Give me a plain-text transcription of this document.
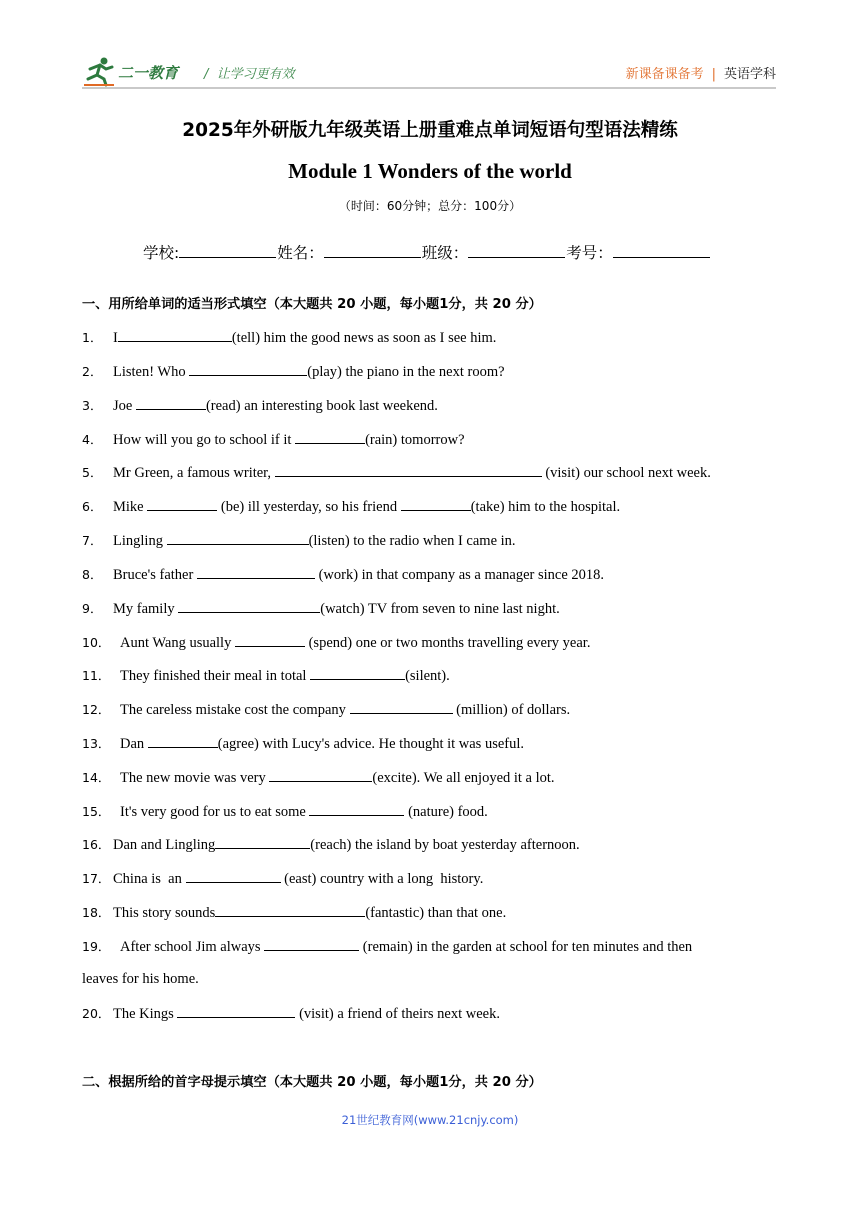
二一教育 /  让学习更有效	新课备课备考 | 英语学科
2025年外研版九年级英语上册重难点单词短语句型语法精练
Module 1 Wonders of the world
（时间：60分钟；总分：100分）
学校:	姓名：	班级：	考号：
一、用所给单词的适当形式填空（本大题共 20 小题，每小题1分，共 20 分）
1． I	(tell) him the good news as soon as I see him.
2． Listen! Who	(play) the piano in the next room?
3． Joe	(read) an interesting book last weekend.
4． How will you go to school if it	(rain) tomorrow?
5． Mr Green, a famous writer,	(visit) our school next week.
6． Mike	(be) ill yesterday, so his friend	(take) him to the hospital.
7． Lingling	(listen) to the radio when I came in.
8． Bruce's father	(work) in that company as a manager since 2018.
9． My family	(watch) TV from seven to nine last night.
10． Aunt Wang usually	(spend) one or two months travelling every year.
11． They finished their meal in total	(silent).
12． The careless mistake cost the company	(million) of dollars.
13． Dan	(agree) with Lucy's advice. He thought it was useful.
14． The new movie was very	(excite). We all enjoyed it a lot.
15． It's very good for us to eat some	(nature) food.
16． Dan and Lingling	(reach) the island by boat yesterday afternoon.
17． China is  an	(east) country with a long  history.
18． This story sounds	(fantastic) than that one.
19． After school Jim always	(remain) in the garden at school for ten minutes and then
leaves for his home.
20． The Kings	(visit) a friend of theirs next week.
二、根据所给的首字母提示填空（本大题共 20 小题，每小题1分，共 20 分）
21世纪教育网(www.21cnjy.com)
